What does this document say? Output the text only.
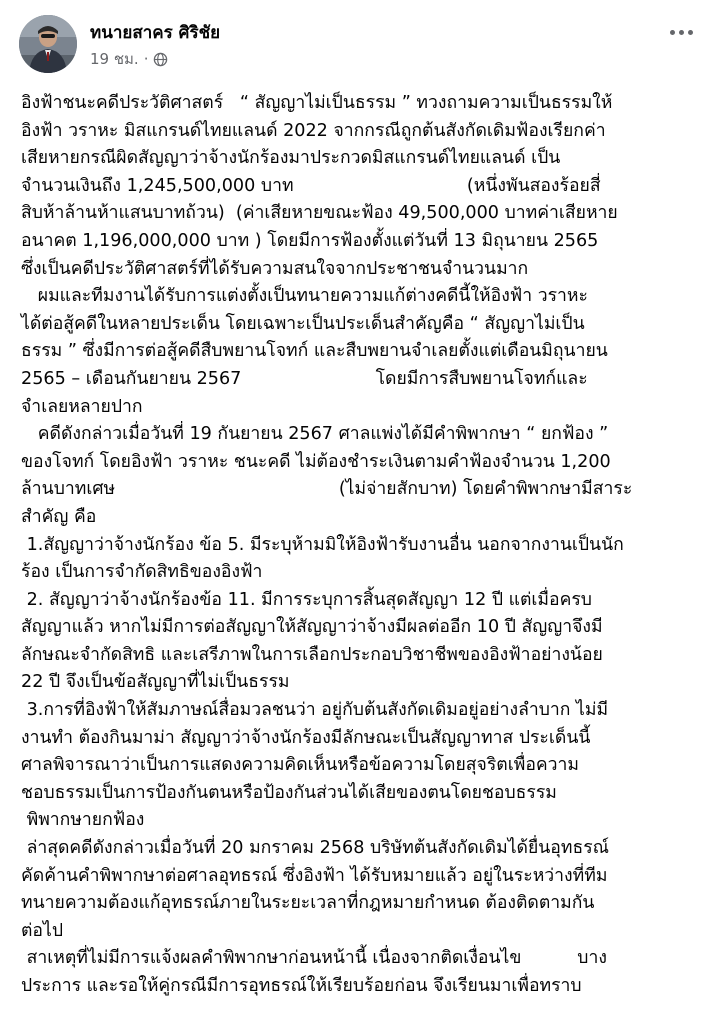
ทนายสาคร ศิริชัย
19 ชม. ·
อิงฟ้าชนะคดีประวัติศาสตร์   “ สัญญาไม่เป็นธรรม ” ทวงถามความเป็นธรรมให้
อิงฟ้า วราหะ มิสแกรนด์ไทยแลนด์ 2022 จากกรณีถูกต้นสังกัดเดิมฟ้องเรียกค่า
เสียหายกรณีผิดสัญญาว่าจ้างนักร้องมาประกวดมิสแกรนด์ไทยแลนด์ เป็น
จำนวนเงินถึง 1,245,500,000 บาท                               (หนึ่งพันสองร้อยสี่
สิบห้าล้านห้าแสนบาทถ้วน)  (ค่าเสียหายขณะฟ้อง 49,500,000 บาทค่าเสียหาย
อนาคต 1,196,000,000 บาท ) โดยมีการฟ้องตั้งแต่วันที่ 13 มิถุนายน 2565
ซึ่งเป็นคดีประวัติศาสตร์ที่ได้รับความสนใจจากประชาชนจำนวนมาก
ผมและทีมงานได้รับการแต่งตั้งเป็นทนายความแก้ต่างคดีนี้ให้อิงฟ้า วราหะ
ได้ต่อสู้คดีในหลายประเด็น โดยเฉพาะเป็นประเด็นสำคัญคือ “ สัญญาไม่เป็น
ธรรม ” ซึ่งมีการต่อสู้คดีสืบพยานโจทก์ และสืบพยานจำเลยตั้งแต่เดือนมิถุนายน
2565 – เดือนกันยายน 2567                        โดยมีการสืบพยานโจทก์และ
จำเลยหลายปาก
คดีดังกล่าวเมื่อวันที่ 19 กันยายน 2567 ศาลแพ่งได้มีคำพิพากษา “ ยกฟ้อง ”
ของโจทก์ โดยอิงฟ้า วราหะ ชนะคดี ไม่ต้องชำระเงินตามคำฟ้องจำนวน 1,200
ล้านบาทเศษ                                        (ไม่จ่ายสักบาท) โดยคำพิพากษามีสาระ
สำคัญ คือ
1.สัญญาว่าจ้างนักร้อง ข้อ 5. มีระบุห้ามมิให้อิงฟ้ารับงานอื่น นอกจากงานเป็นนัก
ร้อง เป็นการจำกัดสิทธิของอิงฟ้า
2. สัญญาว่าจ้างนักร้องข้อ 11. มีการระบุการสิ้นสุดสัญญา 12 ปี แต่เมื่อครบ
สัญญาแล้ว หากไม่มีการต่อสัญญาให้สัญญาว่าจ้างมีผลต่ออีก 10 ปี สัญญาจึงมี
ลักษณะจำกัดสิทธิ และเสรีภาพในการเลือกประกอบวิชาชีพของอิงฟ้าอย่างน้อย
22 ปี จึงเป็นข้อสัญญาที่ไม่เป็นธรรม
3.การที่อิงฟ้าให้สัมภาษณ์สื่อมวลชนว่า อยู่กับต้นสังกัดเดิมอยู่อย่างลำบาก ไม่มี
งานทำ ต้องกินมาม่า สัญญาว่าจ้างนักร้องมีลักษณะเป็นสัญญาทาส ประเด็นนี้
ศาลพิจารณาว่าเป็นการแสดงความคิดเห็นหรือข้อความโดยสุจริตเพื่อความ
ชอบธรรมเป็นการป้องกันตนหรือป้องกันส่วนได้เสียของตนโดยชอบธรรม
พิพากษายกฟ้อง
ล่าสุดคดีดังกล่าวเมื่อวันที่ 20 มกราคม 2568 บริษัทต้นสังกัดเดิมได้ยื่นอุทธรณ์
คัดค้านคำพิพากษาต่อศาลอุทธรณ์ ซึ่งอิงฟ้า ได้รับหมายแล้ว อยู่ในระหว่างที่ทีม
ทนายความต้องแก้อุทธรณ์ภายในระยะเวลาที่กฎหมายกำหนด ต้องติดตามกัน
ต่อไป
สาเหตุที่ไม่มีการแจ้งผลคำพิพากษาก่อนหน้านี้ เนื่องจากติดเงื่อนไข          บาง
ประการ และรอให้คู่กรณีมีการอุทธรณ์ให้เรียบร้อยก่อน จึงเรียนมาเพื่อทราบ
